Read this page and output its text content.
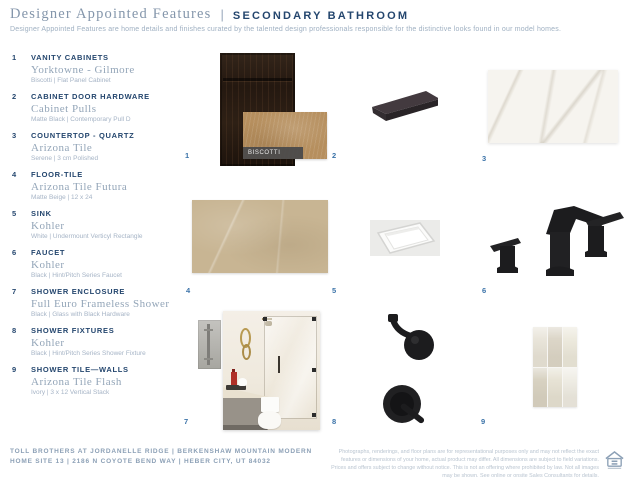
Designer Appointed Features | SECONDARY BATHROOM
Designer Appointed Features are home details and finishes curated by the talented design professionals responsible for the distinctive looks found in our model homes.
1 VANITY CABINETS
Yorktowne - Gilmore
Biscotti | Flat Panel Cabinet
2 CABINET DOOR HARDWARE
Cabinet Pulls
Matte Black | Contemporary Pull D
3 COUNTERTOP - QUARTZ
Arizona Tile
Serene | 3 cm Polished
4 FLOOR-TILE
Arizona Tile Futura
Matte Beige | 12 x 24
5 SINK
Kohler
White | Undermount Verticyl Rectangle
6 FAUCET
Kohler
Black | Hint/Pitch Series Faucet
7 SHOWER ENCLOSURE
Full Euro Frameless Shower
Black | Glass with Black Hardware
8 SHOWER FIXTURES
Kohler
Black | Hint/Pitch Series Shower Fixture
9 SHOWER TILE—WALLS
Arizona Tile Flash
Ivory | 3 x 12 Vertical Stack
BISCOTTI
1	2	3
4	5	6
7	8	9
TOLL BROTHERS AT JORDANELLE RIDGE | BERKENSHAW MOUNTAIN MODERN
HOME SITE 13 | 2186 N COYOTE BEND WAY | HEBER CITY, UT 84032
Photographs, renderings, and floor plans are for representational purposes only and may not reflect the exact features or dimensions of your home, actual product may differ. All dimensions are subject to field variations. Prices and offers subject to change without notice. This is not an offering where prohibited by law. Not all images may be shown. See online or onsite Sales Consultants for details.
